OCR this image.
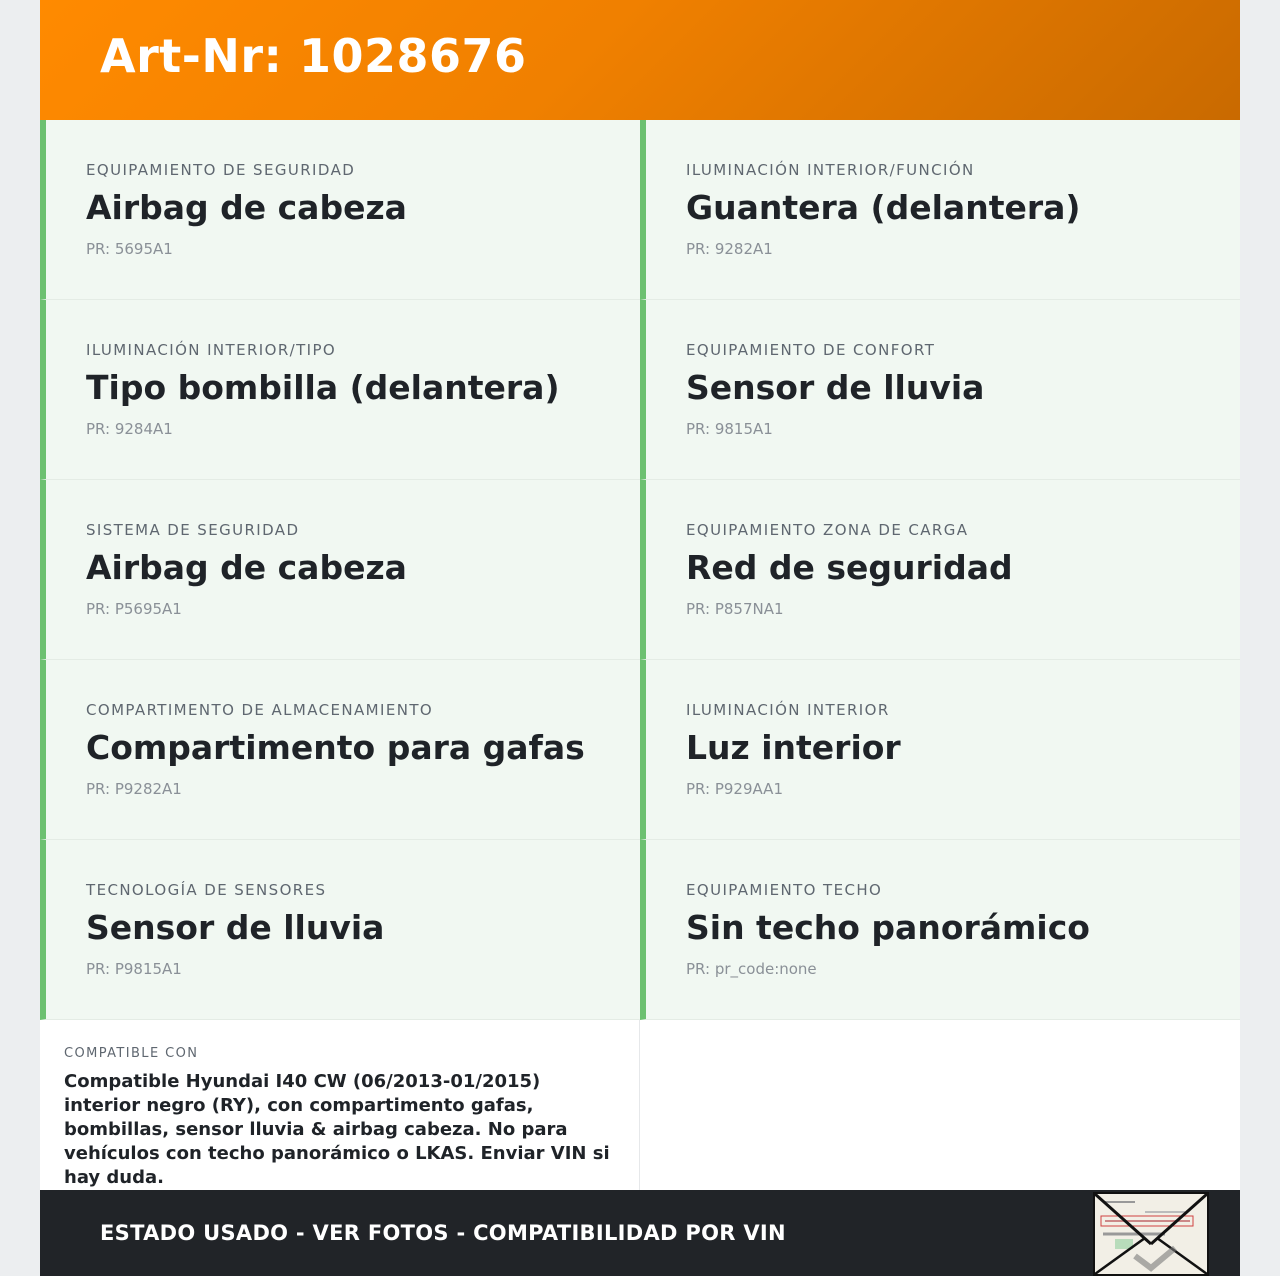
Art-Nr: 1028676
EQUIPAMIENTO DE SEGURIDAD
Airbag de cabeza
PR: 5695A1
ILUMINACIÓN INTERIOR/FUNCIÓN
Guantera (delantera)
PR: 9282A1
ILUMINACIÓN INTERIOR/TIPO
Tipo bombilla (delantera)
PR: 9284A1
EQUIPAMIENTO DE CONFORT
Sensor de lluvia
PR: 9815A1
SISTEMA DE SEGURIDAD
Airbag de cabeza
PR: P5695A1
EQUIPAMIENTO ZONA DE CARGA
Red de seguridad
PR: P857NA1
COMPARTIMENTO DE ALMACENAMIENTO
Compartimento para gafas
PR: P9282A1
ILUMINACIÓN INTERIOR
Luz interior
PR: P929AA1
TECNOLOGÍA DE SENSORES
Sensor de lluvia
PR: P9815A1
EQUIPAMIENTO TECHO
Sin techo panorámico
PR: pr_code:none
COMPATIBLE CON
Compatible Hyundai I40 CW (06/2013-01/2015) interior negro (RY), con compartimento gafas, bombillas, sensor lluvia & airbag cabeza. No para vehículos con techo panorámico o LKAS. Enviar VIN si hay duda.
ESTADO USADO - VER FOTOS - COMPATIBILIDAD POR VIN
